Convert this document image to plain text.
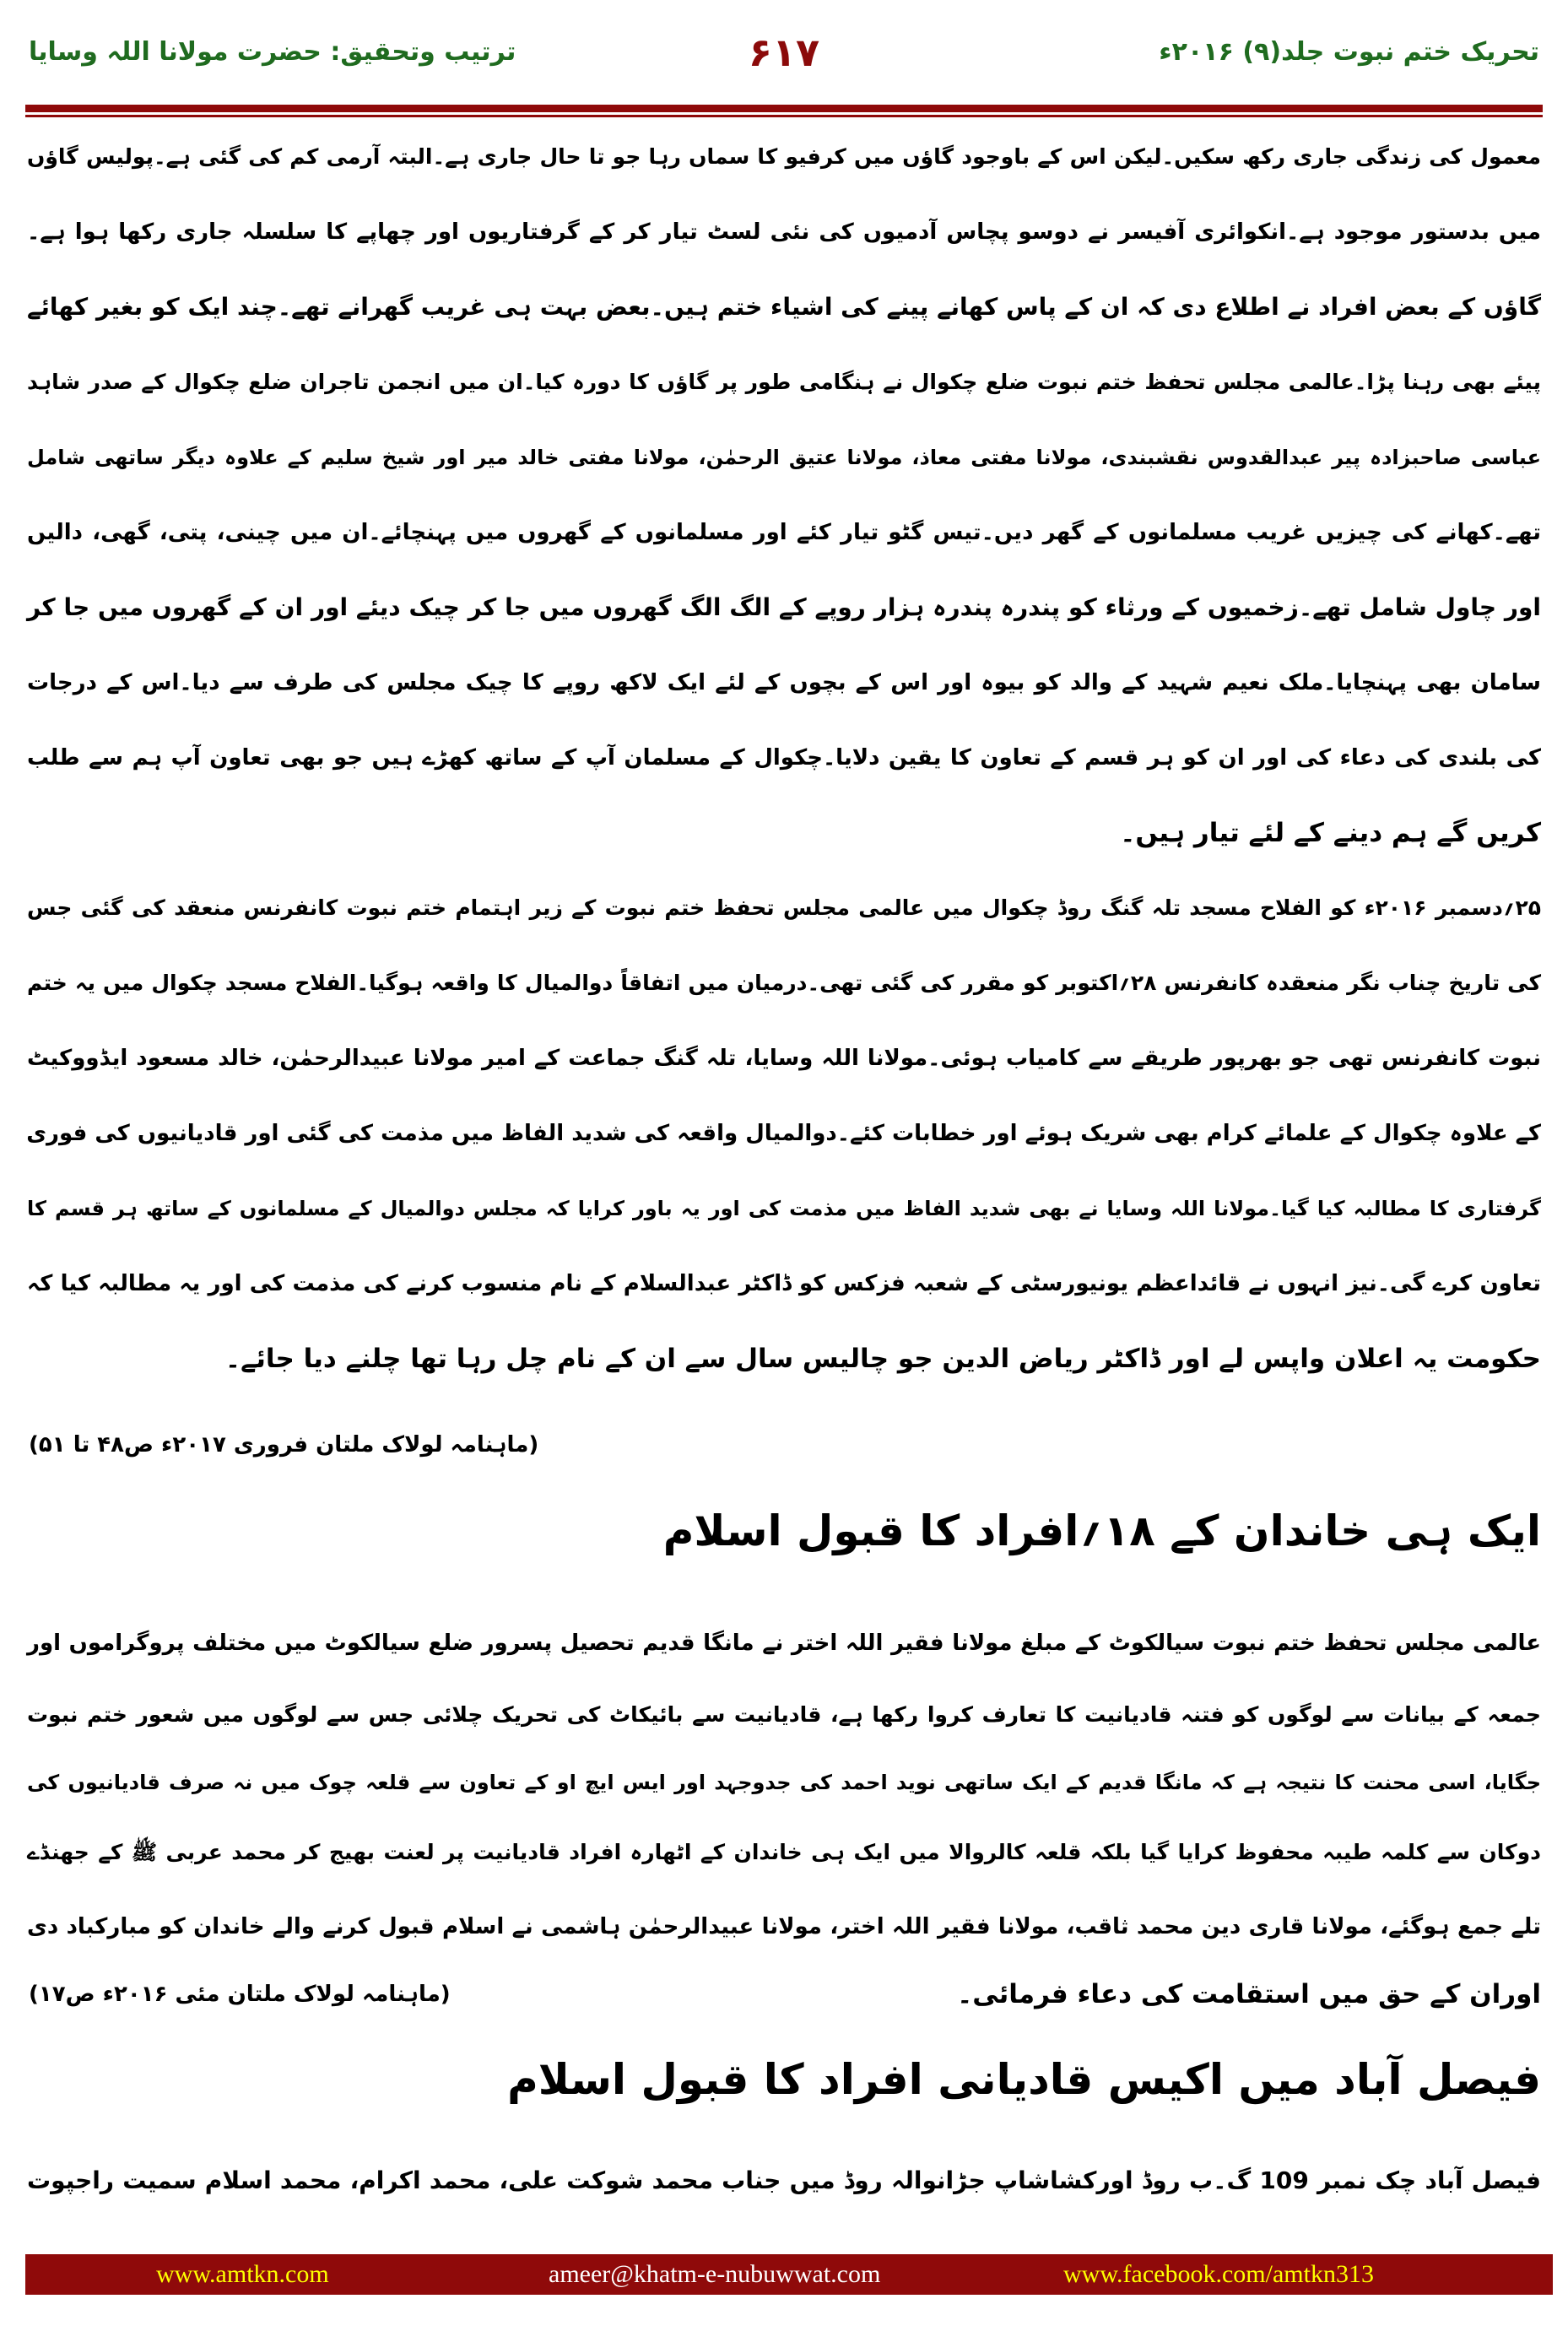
تحریک ختم نبوت جلد(۹) ۲۰۱۶ء
۶۱۷
ترتیب وتحقیق: حضرت مولانا اللہ وسایا
معمول کی زندگی جاری رکھ سکیں۔لیکن اس کے باوجود گاؤں میں کرفیو کا سماں رہا جو تا حال جاری ہے۔البتہ آرمی کم کی گئی ہے۔پولیس گاؤں
میں بدستور موجود ہے۔انکوائری آفیسر نے دوسو پچاس آدمیوں کی نئی لسٹ تیار کر کے گرفتاریوں اور چھاپے کا سلسلہ جاری رکھا ہوا ہے۔
گاؤں کے بعض افراد نے اطلاع دی کہ ان کے پاس کھانے پینے کی اشیاء ختم ہیں۔بعض بہت ہی غریب گھرانے تھے۔چند ایک کو بغیر کھائے
پیئے بھی رہنا پڑا۔عالمی مجلس تحفظ ختم نبوت ضلع چکوال نے ہنگامی طور پر گاؤں کا دورہ کیا۔ان میں انجمن تاجران ضلع چکوال کے صدر شاہد
عباسی صاحبزادہ پیر عبدالقدوس نقشبندی، مولانا مفتی معاذ، مولانا عتیق الرحمٰن، مولانا مفتی خالد میر اور شیخ سلیم کے علاوہ دیگر ساتھی شامل
تھے۔کھانے کی چیزیں غریب مسلمانوں کے گھر دیں۔تیس گٹو تیار کئے اور مسلمانوں کے گھروں میں پہنچائے۔ان میں چینی، پتی، گھی، دالیں
اور چاول شامل تھے۔زخمیوں کے ورثاء کو پندرہ پندرہ ہزار روپے کے الگ الگ گھروں میں جا کر چیک دیئے اور ان کے گھروں میں جا کر
سامان بھی پہنچایا۔ملک نعیم شہید کے والد کو بیوہ اور اس کے بچوں کے لئے ایک لاکھ روپے کا چیک مجلس کی طرف سے دیا۔اس کے درجات
کی بلندی کی دعاء کی اور ان کو ہر قسم کے تعاون کا یقین دلایا۔چکوال کے مسلمان آپ کے ساتھ کھڑے ہیں جو بھی تعاون آپ ہم سے طلب
کریں گے ہم دینے کے لئے تیار ہیں۔
۲۵؍دسمبر ۲۰۱۶ء کو الفلاح مسجد تلہ گنگ روڈ چکوال میں عالمی مجلس تحفظ ختم نبوت کے زیر اہتمام ختم نبوت کانفرنس منعقد کی گئی جس
کی تاریخ چناب نگر منعقدہ کانفرنس ۲۸؍اکتوبر کو مقرر کی گئی تھی۔درمیان میں اتفاقاً دوالمیال کا واقعہ ہوگیا۔الفلاح مسجد چکوال میں یہ ختم
نبوت کانفرنس تھی جو بھرپور طریقے سے کامیاب ہوئی۔مولانا اللہ وسایا، تلہ گنگ جماعت کے امیر مولانا عبیدالرحمٰن، خالد مسعود ایڈووکیٹ
کے علاوہ چکوال کے علمائے کرام بھی شریک ہوئے اور خطابات کئے۔دوالمیال واقعہ کی شدید الفاظ میں مذمت کی گئی اور قادیانیوں کی فوری
گرفتاری کا مطالبہ کیا گیا۔مولانا اللہ وسایا نے بھی شدید الفاظ میں مذمت کی اور یہ باور کرایا کہ مجلس دوالمیال کے مسلمانوں کے ساتھ ہر قسم کا
تعاون کرے گی۔نیز انہوں نے قائداعظم یونیورسٹی کے شعبہ فزکس کو ڈاکٹر عبدالسلام کے نام منسوب کرنے کی مذمت کی اور یہ مطالبہ کیا کہ
حکومت یہ اعلان واپس لے اور ڈاکٹر ریاض الدین جو چالیس سال سے ان کے نام چل رہا تھا چلنے دیا جائے۔
(ماہنامہ لولاک ملتان فروری ۲۰۱۷ء ص۴۸ تا ۵۱)
ایک ہی خاندان کے ۱۸؍افراد کا قبول اسلام
عالمی مجلس تحفظ ختم نبوت سیالکوٹ کے مبلغ مولانا فقیر اللہ اختر نے مانگا قدیم تحصیل پسرور ضلع سیالکوٹ میں مختلف پروگراموں اور
جمعہ کے بیانات سے لوگوں کو فتنہ قادیانیت کا تعارف کروا رکھا ہے، قادیانیت سے بائیکاٹ کی تحریک چلائی جس سے لوگوں میں شعور ختم نبوت
جگایا، اسی محنت کا نتیجہ ہے کہ مانگا قدیم کے ایک ساتھی نوید احمد کی جدوجہد اور ایس ایچ او کے تعاون سے قلعہ چوک میں نہ صرف قادیانیوں کی
دوکان سے کلمہ طیبہ محفوظ کرایا گیا بلکہ قلعہ کالروالا میں ایک ہی خاندان کے اٹھارہ افراد قادیانیت پر لعنت بھیج کر محمد عربی ﷺ کے جھنڈے
تلے جمع ہوگئے، مولانا قاری دین محمد ثاقب، مولانا فقیر اللہ اختر، مولانا عبیدالرحمٰن ہاشمی نے اسلام قبول کرنے والے خاندان کو مبارکباد دی
اوران کے حق میں استقامت کی دعاء فرمائی۔
(ماہنامہ لولاک ملتان مئی ۲۰۱۶ء ص۱۷)
فیصل آباد میں اکیس قادیانی افراد کا قبول اسلام
فیصل آباد چک نمبر 109 گ۔ب روڈ اورکشاشاپ جڑانوالہ روڈ میں جناب محمد شوکت علی، محمد اکرام، محمد اسلام سمیت راجپوت
www.amtkn.com	ameer@khatm-e-nubuwwat.com	www.facebook.com/amtkn313
